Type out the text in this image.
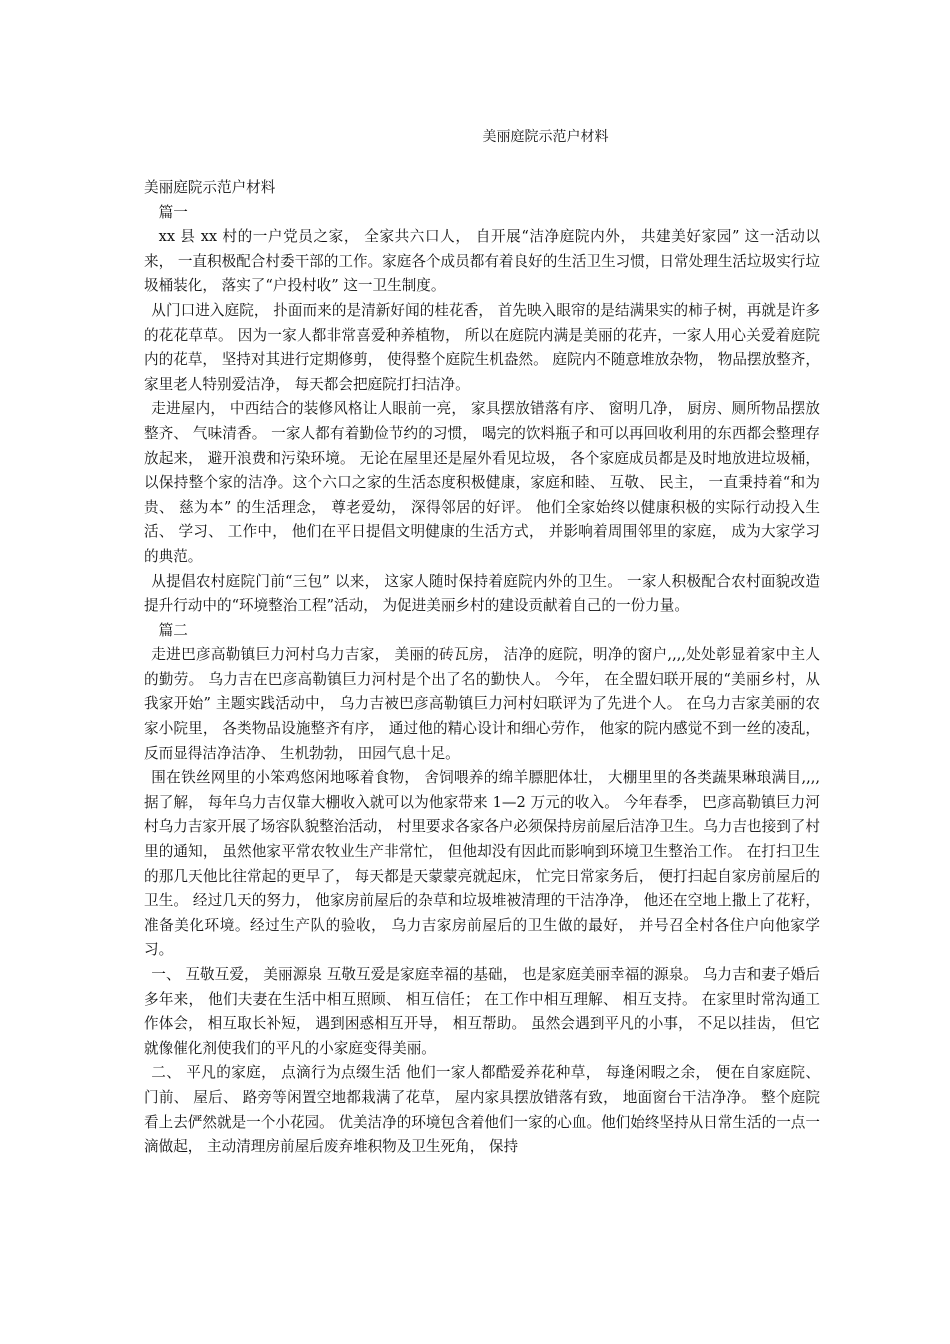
美丽庭院示范户材料

美丽庭院示范户材料

篇一

xx 县 xx 村的一户党员之家， 全家共六口人， 自开展“洁净庭院内外， 共建美好家园” 这一活动以来， 一直积极配合村委干部的工作。家庭各个成员都有着良好的生活卫生习惯，日常处理生活垃圾实行垃圾桶装化， 落实了“户投村收” 这一卫生制度。

从门口进入庭院， 扑面而来的是清新好闻的桂花香， 首先映入眼帘的是结满果实的柿子树，再就是许多的花花草草。 因为一家人都非常喜爱种养植物， 所以在庭院内满是美丽的花卉，一家人用心关爱着庭院内的花草， 坚持对其进行定期修剪， 使得整个庭院生机盎然。 庭院内不随意堆放杂物， 物品摆放整齐， 家里老人特别爱洁净， 每天都会把庭院打扫洁净。

走进屋内， 中西结合的装修风格让人眼前一亮， 家具摆放错落有序、 窗明几净， 厨房、厕所物品摆放整齐、 气味清香。 一家人都有着勤俭节约的习惯， 喝完的饮料瓶子和可以再回收利用的东西都会整理存放起来， 避开浪费和污染环境。 无论在屋里还是屋外看见垃圾， 各个家庭成员都是及时地放进垃圾桶， 以保持整个家的洁净。这个六口之家的生活态度积极健康，家庭和睦、 互敬、 民主， 一直秉持着“和为贵、 慈为本” 的生活理念， 尊老爱幼， 深得邻居的好评。 他们全家始终以健康积极的实际行动投入生活、 学习、 工作中， 他们在平日提倡文明健康的生活方式， 并影响着周围邻里的家庭， 成为大家学习的典范。

从提倡农村庭院门前“三包” 以来， 这家人随时保持着庭院内外的卫生。 一家人积极配合农村面貌改造提升行动中的“环境整治工程”活动， 为促进美丽乡村的建设贡献着自己的一份力量。

篇二

走进巴彦高勒镇巨力河村乌力吉家， 美丽的砖瓦房， 洁净的庭院，明净的窗户,,,,处处彰显着家中主人的勤劳。 乌力吉在巴彦高勒镇巨力河村是个出了名的勤快人。 今年， 在全盟妇联开展的“美丽乡村，从我家开始” 主题实践活动中， 乌力吉被巴彦高勒镇巨力河村妇联评为了先进个人。 在乌力吉家美丽的农家小院里， 各类物品设施整齐有序， 通过他的精心设计和细心劳作， 他家的院内感觉不到一丝的凌乱，反而显得洁净洁净、 生机勃勃， 田园气息十足。

围在铁丝网里的小笨鸡悠闲地啄着食物， 舍饲喂养的绵羊膘肥体壮， 大棚里里的各类蔬果琳琅满目,,,,据了解， 每年乌力吉仅靠大棚收入就可以为他家带来 1—2 万元的收入。 今年春季， 巴彦高勒镇巨力河村乌力吉家开展了场容队貌整治活动， 村里要求各家各户必须保持房前屋后洁净卫生。乌力吉也接到了村里的通知， 虽然他家平常农牧业生产非常忙， 但他却没有因此而影响到环境卫生整治工作。 在打扫卫生的那几天他比往常起的更早了， 每天都是天蒙蒙亮就起床， 忙完日常家务后， 便打扫起自家房前屋后的卫生。 经过几天的努力， 他家房前屋后的杂草和垃圾堆被清理的干洁净净， 他还在空地上撒上了花籽， 准备美化环境。经过生产队的验收， 乌力吉家房前屋后的卫生做的最好， 并号召全村各住户向他家学习。

一、 互敬互爱， 美丽源泉 互敬互爱是家庭幸福的基础， 也是家庭美丽幸福的源泉。 乌力吉和妻子婚后多年来， 他们夫妻在生活中相互照顾、 相互信任； 在工作中相互理解、 相互支持。 在家里时常沟通工作体会， 相互取长补短， 遇到困惑相互开导， 相互帮助。 虽然会遇到平凡的小事， 不足以挂齿， 但它就像催化剂使我们的平凡的小家庭变得美丽。

二、 平凡的家庭， 点滴行为点缀生活 他们一家人都酷爱养花种草， 每逢闲暇之余， 便在自家庭院、 门前、 屋后、 路旁等闲置空地都栽满了花草， 屋内家具摆放错落有致， 地面窗台干洁净净。 整个庭院看上去俨然就是一个小花园。 优美洁净的环境包含着他们一家的心血。他们始终坚持从日常生活的一点一滴做起， 主动清理房前屋后废弃堆积物及卫生死角， 保持
